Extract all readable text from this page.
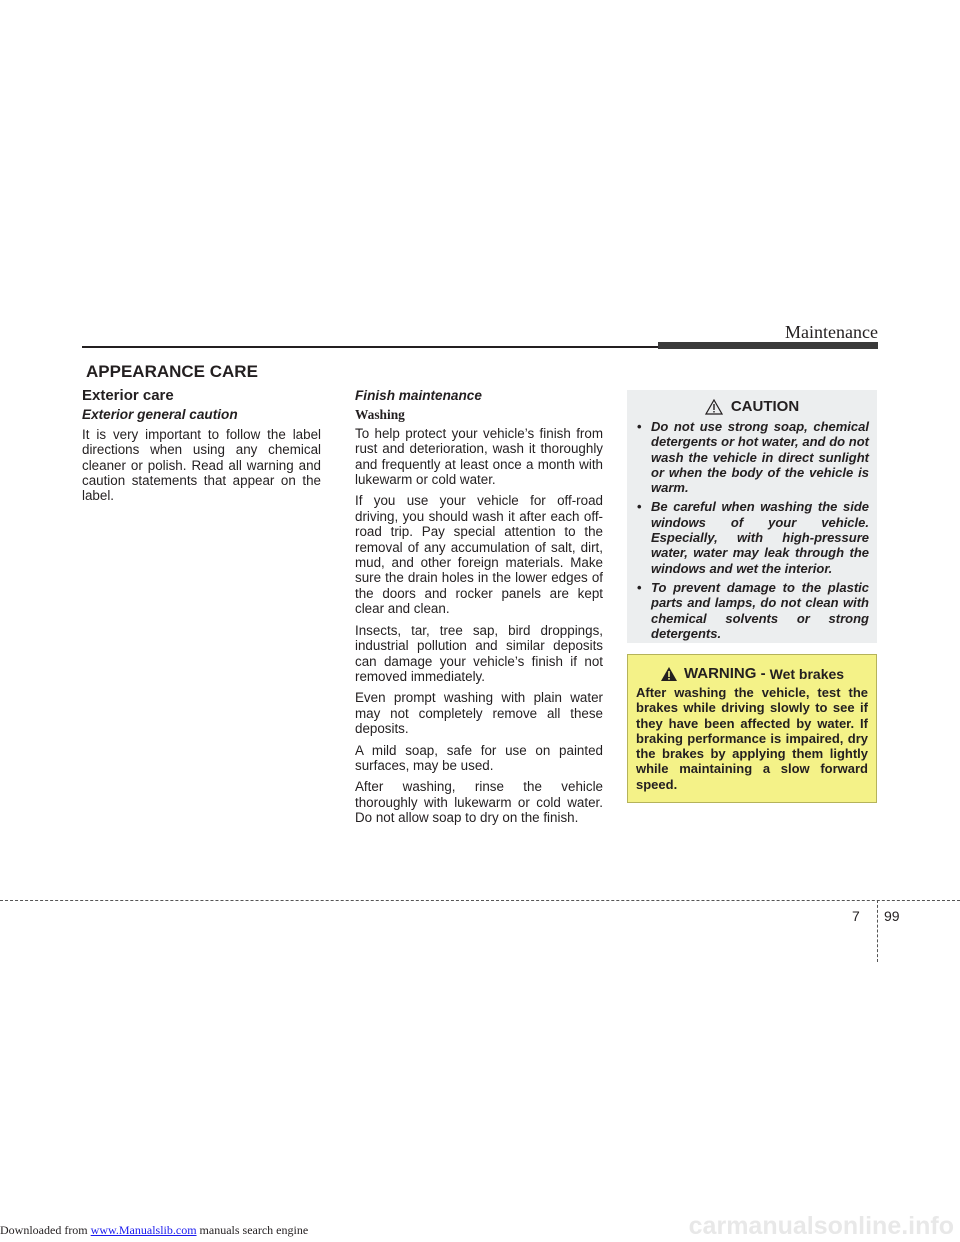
Maintenance
APPEARANCE CARE
Exterior care
Exterior general caution

It is very important to follow the label directions when using any chemical cleaner or polish. Read all warning and caution statements that appear on the label.

Finish maintenance
Washing

To help protect your vehicle’s finish from rust and deterioration, wash it thoroughly and frequently at least once a month with lukewarm or cold water.

If you use your vehicle for off-road driving, you should wash it after each off-road trip. Pay special attention to the removal of any accumulation of salt, dirt, mud, and other foreign materials. Make sure the drain holes in the lower edges of the doors and rocker panels are kept clear and clean.

Insects, tar, tree sap, bird droppings, industrial pollution and similar deposits can damage your vehicle’s finish if not removed immediately.

Even prompt washing with plain water may not completely remove all these deposits.

A mild soap, safe for use on painted surfaces, may be used.

After washing, rinse the vehicle thoroughly with lukewarm or cold water. Do not allow soap to dry on the finish.

CAUTION
• Do not use strong soap, chemical detergents or hot water, and do not wash the vehicle in direct sunlight or when the body of the vehicle is warm.
• Be careful when washing the side windows of your vehicle. Especially, with high-pressure water, water may leak through the windows and wet the interior.
• To prevent damage to the plastic parts and lamps, do not clean with chemical solvents or strong detergents.
WARNING - Wet brakes
After washing the vehicle, test the brakes while driving slowly to see if they have been affected by water. If braking performance is impaired, dry the brakes by applying them lightly while maintaining a slow forward speed.
7 99
Downloaded from www.Manualslib.com manuals search engine	carmanualsonline.info
